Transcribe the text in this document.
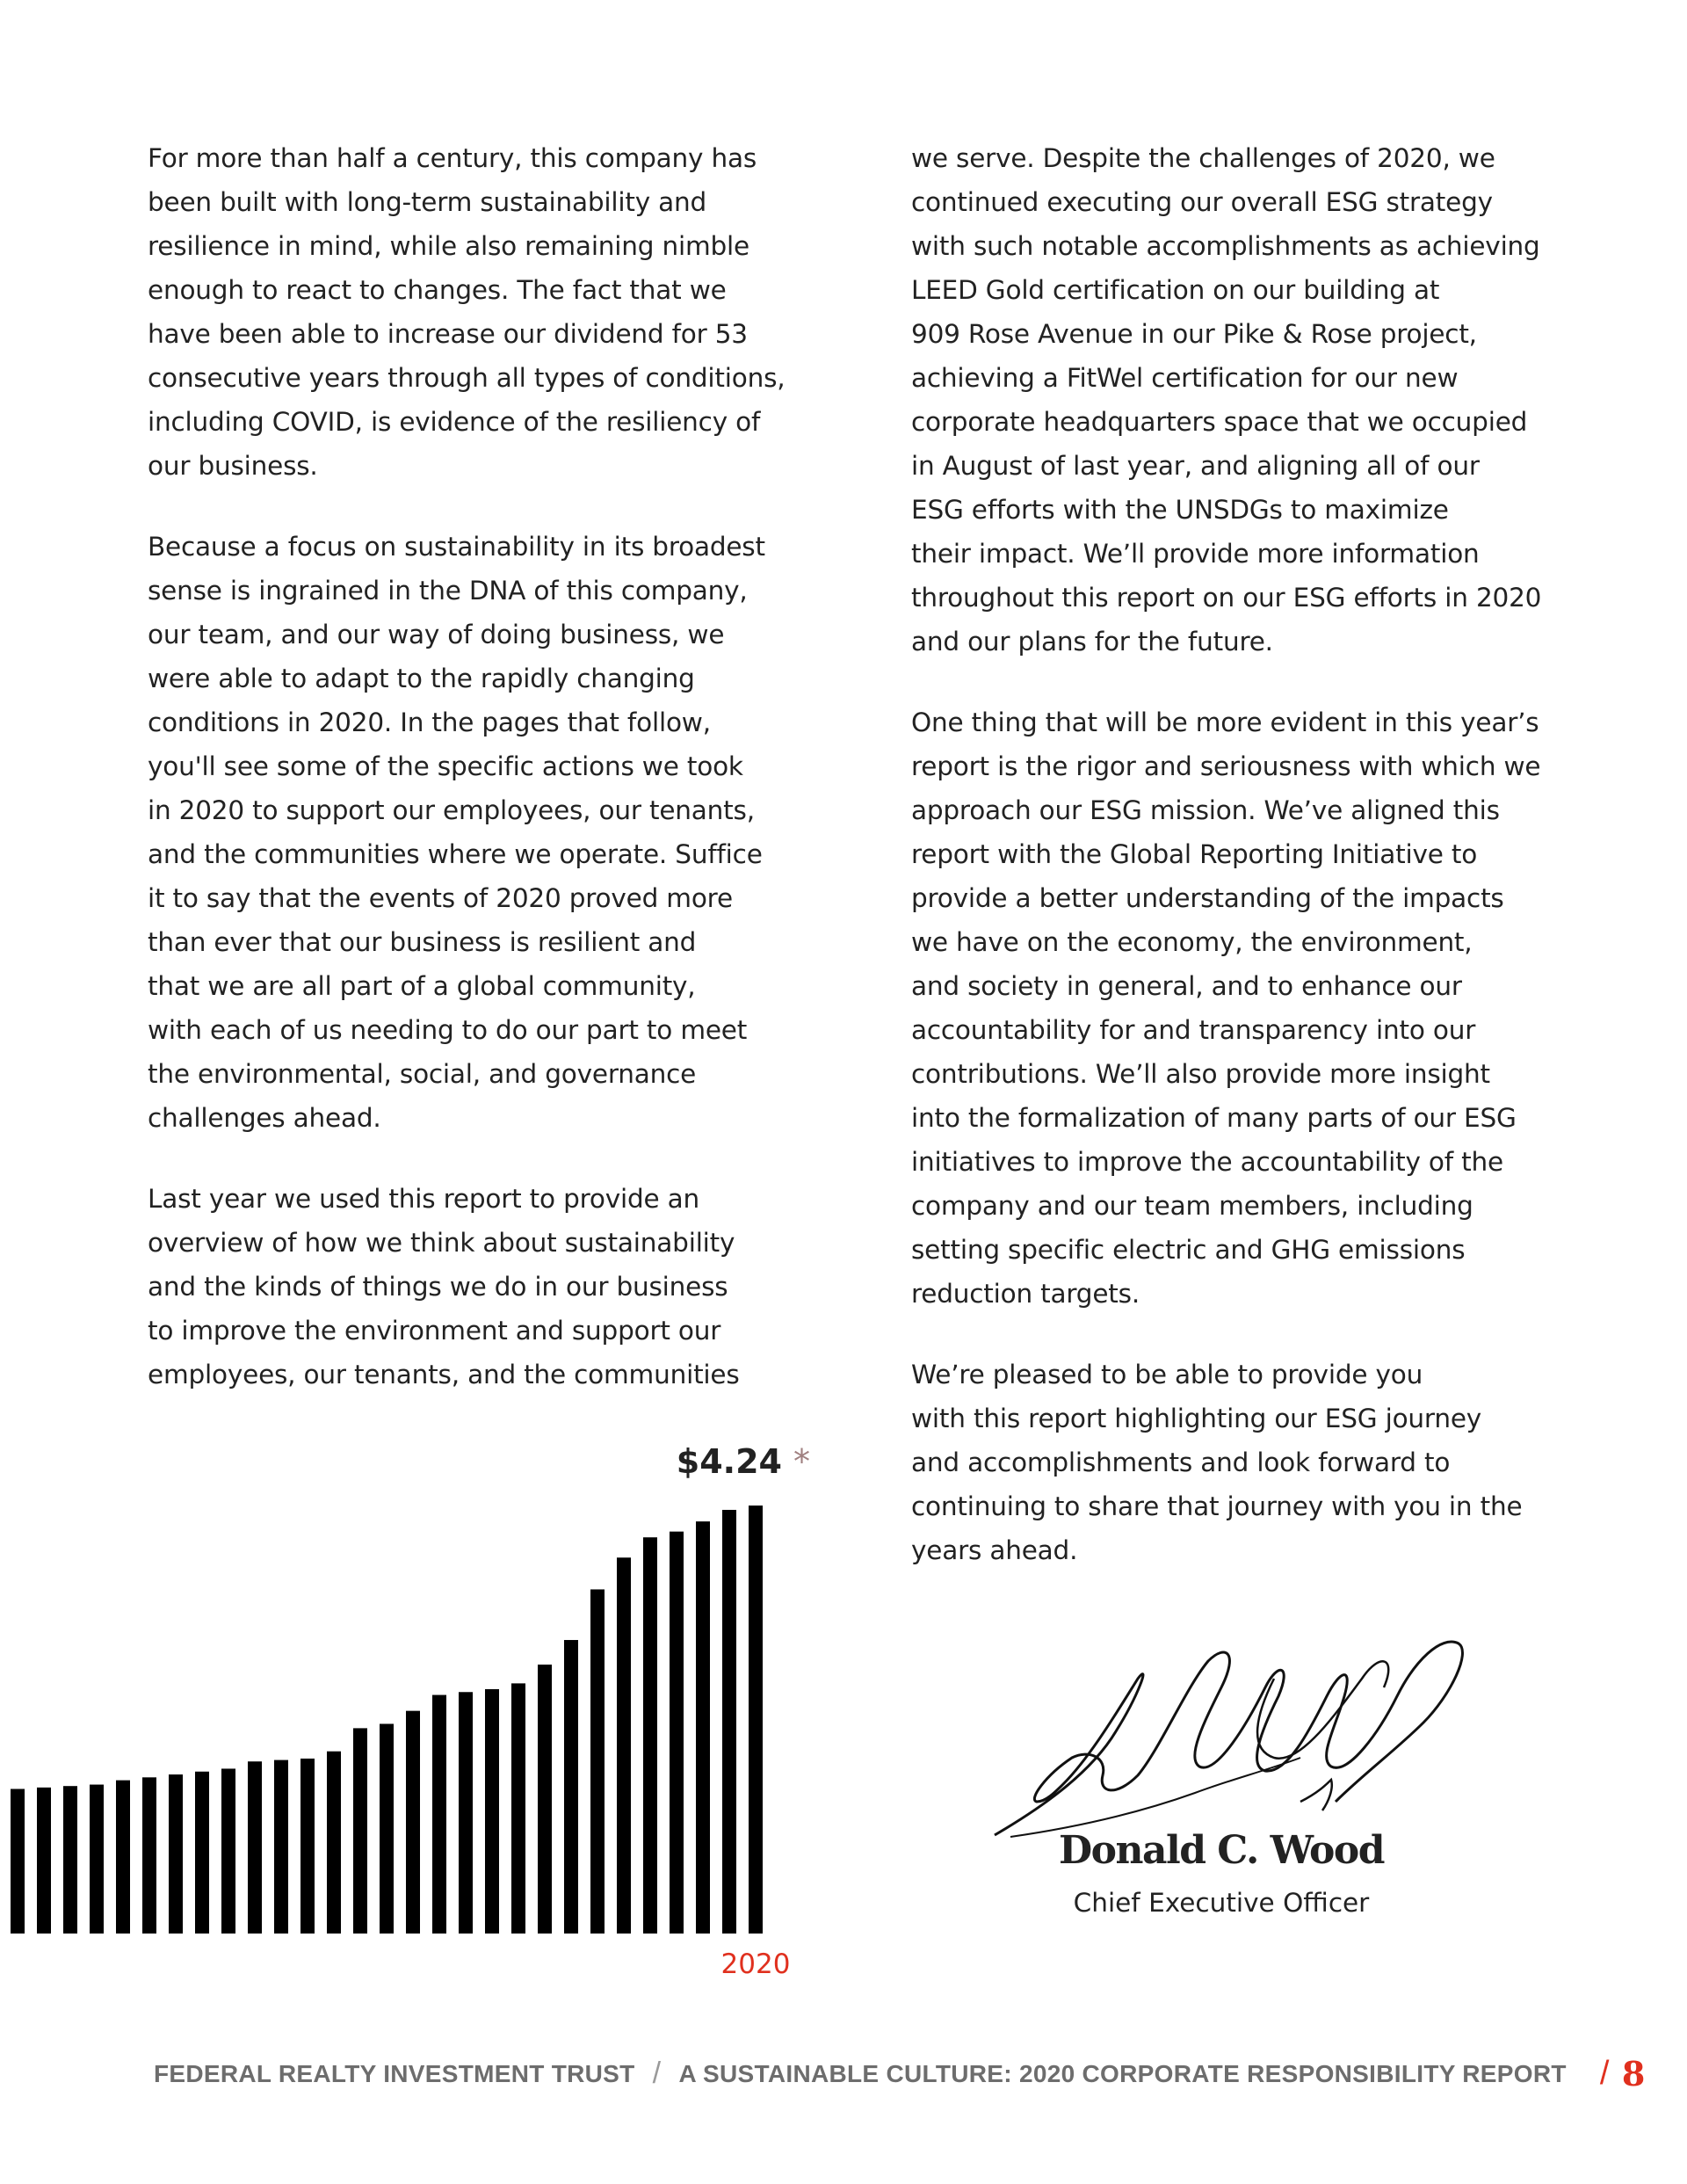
For more than half a century, this company has
been built with long-term sustainability and
resilience in mind, while also remaining nimble
enough to react to changes. The fact that we
have been able to increase our dividend for 53
consecutive years through all types of conditions,
including COVID, is evidence of the resiliency of
our business.

Because a focus on sustainability in its broadest
sense is ingrained in the DNA of this company,
our team, and our way of doing business, we
were able to adapt to the rapidly changing
conditions in 2020. In the pages that follow,
you'll see some of the specific actions we took
in 2020 to support our employees, our tenants,
and the communities where we operate. Suffice
it to say that the events of 2020 proved more
than ever that our business is resilient and
that we are all part of a global community,
with each of us needing to do our part to meet
the environmental, social, and governance
challenges ahead.

Last year we used this report to provide an
overview of how we think about sustainability
and the kinds of things we do in our business
to improve the environment and support our
employees, our tenants, and the communities

we serve. Despite the challenges of 2020, we
continued executing our overall ESG strategy
with such notable accomplishments as achieving
LEED Gold certification on our building at
909 Rose Avenue in our Pike & Rose project,
achieving a FitWel certification for our new
corporate headquarters space that we occupied
in August of last year, and aligning all of our
ESG efforts with the UNSDGs to maximize
their impact. We’ll provide more information
throughout this report on our ESG efforts in 2020
and our plans for the future.

One thing that will be more evident in this year’s
report is the rigor and seriousness with which we
approach our ESG mission. We’ve aligned this
report with the Global Reporting Initiative to
provide a better understanding of the impacts
we have on the economy, the environment,
and society in general, and to enhance our
accountability for and transparency into our
contributions. We’ll also provide more insight
into the formalization of many parts of our ESG
initiatives to improve the accountability of the
company and our team members, including
setting specific electric and GHG emissions
reduction targets.

We’re pleased to be able to provide you
with this report highlighting our ESG journey
and accomplishments and look forward to
continuing to share that journey with you in the
years ahead.

$4.24 *
2020
Donald C. Wood
Chief Executive Officer
FEDERAL REALTY INVESTMENT TRUST / A SUSTAINABLE CULTURE: 2020 CORPORATE RESPONSIBILITY REPORT / 8
